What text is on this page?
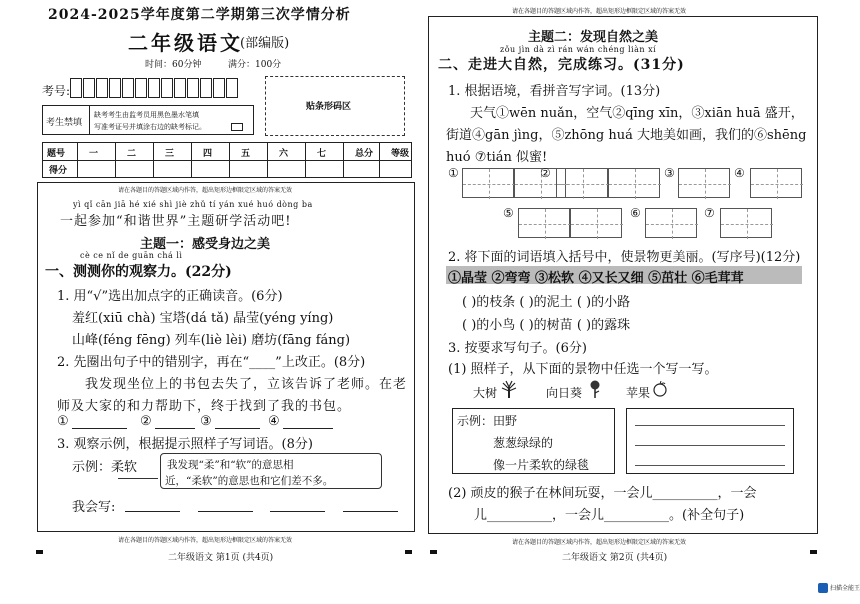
2024-2025学年度第二学期第三次学情分析
二年级语文
(部编版)
时间：60分钟	满分：100分
考号:
贴条形码区
考生禁填
缺考考生由监考员用黑色墨水笔填
写准考证号并填涂右边的缺考标记。
题号	一	二	三	四	五	六	七	总分 等级
得分
请在各题目的答题区域内作答，超出矩形边框限定区域的答案无效
请在各题目的答题区域内作答，超出矩形边框限定区域的答案无效
yì qǐ cān jiā hé xié shì jiè zhǔ tí yán xué huó dòng ba
一起参加“和谐世界”主题研学活动吧!
主题一：感受身边之美
cè ce nǐ de guān chá lì
一、测测你的观察力。(22分)
1. 用“√”选出加点字的正确读音。(6分)
羞红(xiū chà) 宝塔(dá tǎ) 晶莹(yéng yíng)
山峰(féng fēng) 列车(liè lèi) 磨坊(fāng fáng)
2. 先圈出句子中的错别字，再在“____”上改正。(8分)
我发现坐位上的书包去失了，立该告诉了老师。在老
师及大家的和力帮助下，终于找到了我的书包。
①	②	③	④
3. 观察示例，根据提示照样子写词语。(8分)
示例：柔软	我发现“柔”和“软”的意思相
近，“柔软”的意思也和它们差不多。
我会写:
二年级语文 第1页 (共4页)
请在各题目的答题区域内作答，超出矩形边框限定区域的答案无效
zǒu jìn dà zì rán wán chéng liàn xí
主题二：发现自然之美
二、走进大自然，完成练习。(31分)
1. 根据语境，看拼音写字词。(13分)
天气①wēn nuǎn，空气②qīng xīn，③xiān huā 盛开，
街道④gān jìng，⑤zhōng huá 大地美如画，我们的⑥shēng
huó ⑦tián 似蜜!
①	②	③	④
⑤	⑥	⑦
2. 将下面的词语填入括号中，使景物更美丽。(写序号)(12分)
①晶莹 ②弯弯 ③松软 ④又长又细 ⑤茁壮 ⑥毛茸茸
( )的枝条 ( )的泥土 ( )的小路
( )的小鸟 ( )的树苗 ( )的露珠
3. 按要求写句子。(6分)
(1) 照样子，从下面的景物中任选一个写一写。
大树	向日葵	苹果
示例：田野
葱葱绿绿的
像一片柔软的绿毯
(2) 顽皮的猴子在林间玩耍，一会儿__________，一会
儿__________，一会儿__________。(补全句子)
请在各题目的答题区域内作答，超出矩形边框限定区域的答案无效
二年级语文 第2页 (共4页)
扫描全能王
